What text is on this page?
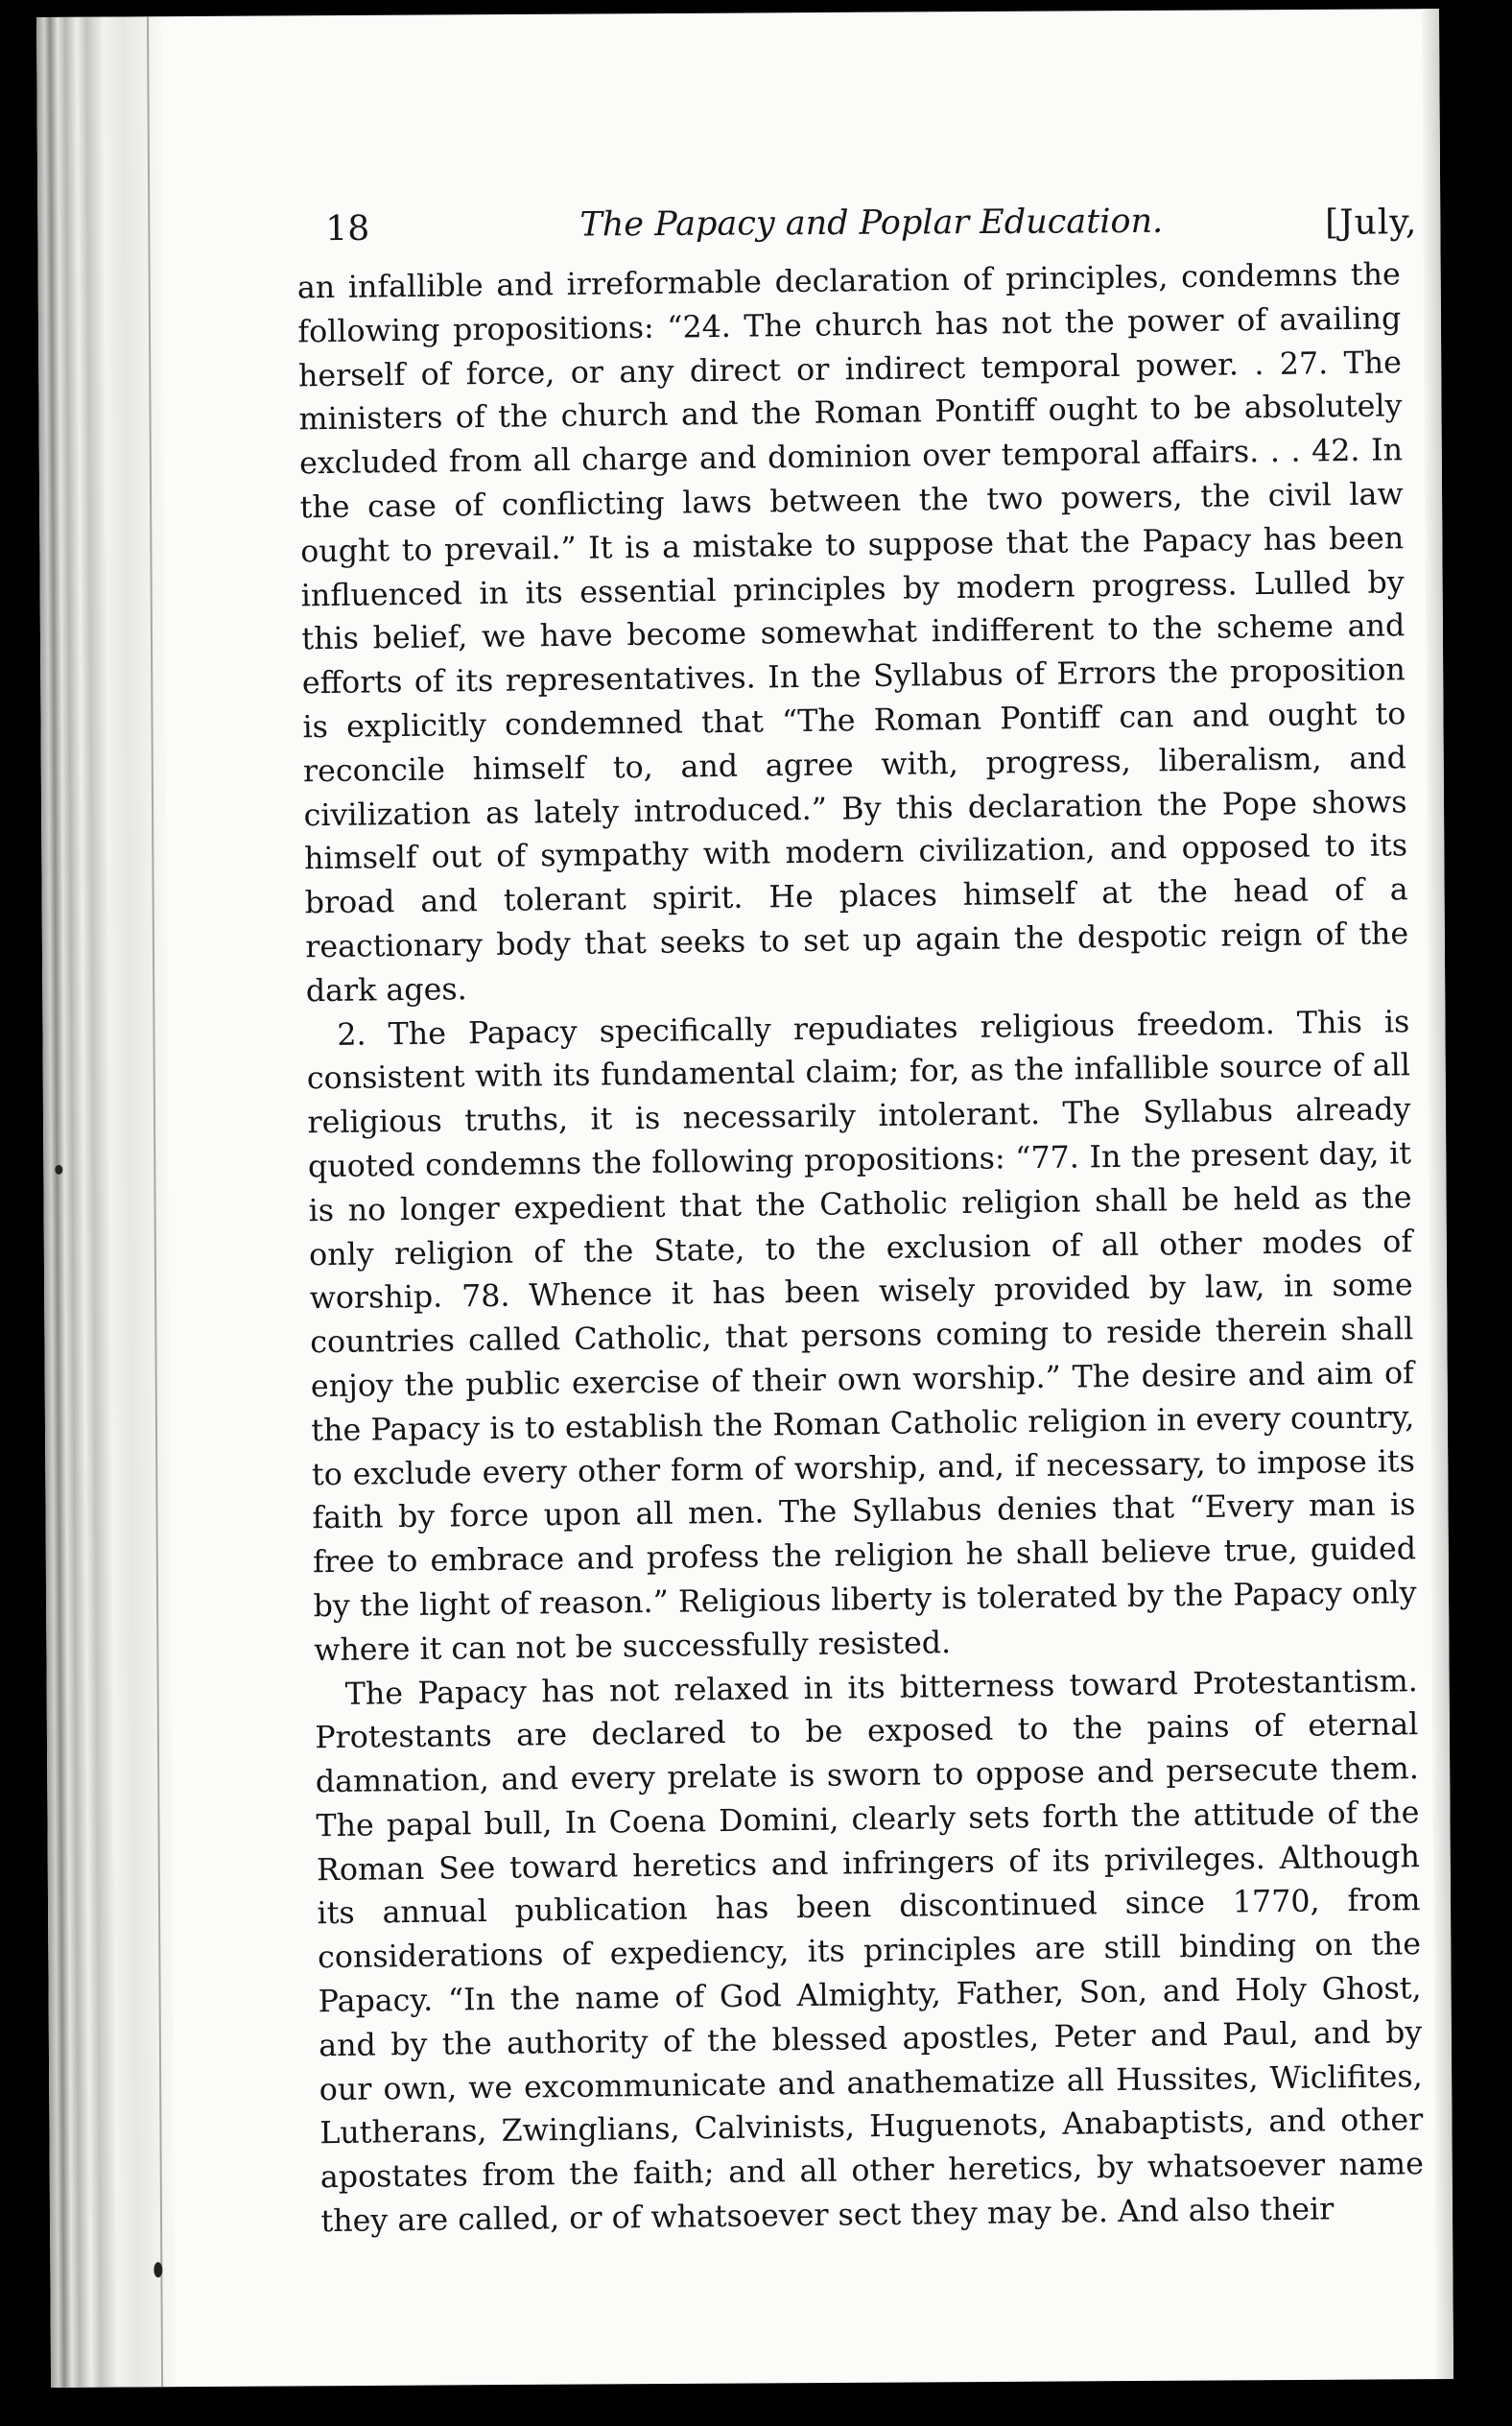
18	The Papacy and Poplar Education.	[July,

an infallible and irreformable declaration of principles, condemns the following propositions: “24. The church has not the power of availing herself of force, or any direct or indirect temporal power. . 27. The ministers of the church and the Roman Pontiff ought to be absolutely excluded from all charge and dominion over temporal affairs. . . 42. In the case of conflicting laws between the two powers, the civil law ought to prevail.” It is a mistake to suppose that the Papacy has been influenced in its essential principles by modern progress. Lulled by this belief, we have become somewhat indifferent to the scheme and efforts of its representatives. In the Syllabus of Errors the proposition is explicitly condemned that “The Roman Pontiff can and ought to reconcile himself to, and agree with, progress, liberalism, and civilization as lately introduced.” By this declaration the Pope shows himself out of sympathy with modern civilization, and opposed to its broad and tolerant spirit. He places himself at the head of a reactionary body that seeks to set up again the despotic reign of the dark ages.

2. The Papacy specifically repudiates religious freedom. This is consistent with its fundamental claim; for, as the infallible source of all religious truths, it is necessarily intolerant. The Syllabus already quoted condemns the following propositions: “77. In the present day, it is no longer expedient that the Catholic religion shall be held as the only religion of the State, to the exclusion of all other modes of worship. 78. Whence it has been wisely provided by law, in some countries called Catholic, that persons coming to reside therein shall enjoy the public exercise of their own worship.” The desire and aim of the Papacy is to establish the Roman Catholic religion in every country, to exclude every other form of worship, and, if necessary, to impose its faith by force upon all men. The Syllabus denies that “Every man is free to embrace and profess the religion he shall believe true, guided by the light of reason.” Religious liberty is tolerated by the Papacy only where it can not be successfully resisted.

The Papacy has not relaxed in its bitterness toward Protestantism. Protestants are declared to be exposed to the pains of eternal damnation, and every prelate is sworn to oppose and persecute them. The papal bull, In Coena Domini, clearly sets forth the attitude of the Roman See toward heretics and infringers of its privileges. Although its annual publication has been discontinued since 1770, from considerations of expediency, its principles are still binding on the Papacy. “In the name of God Almighty, Father, Son, and Holy Ghost, and by the authority of the blessed apostles, Peter and Paul, and by our own, we excommunicate and anathematize all Hussites, Wiclifites, Lutherans, Zwinglians, Calvinists, Huguenots, Anabaptists, and other apostates from the faith; and all other heretics, by whatsoever name they are called, or of whatsoever sect they may be. And also their
